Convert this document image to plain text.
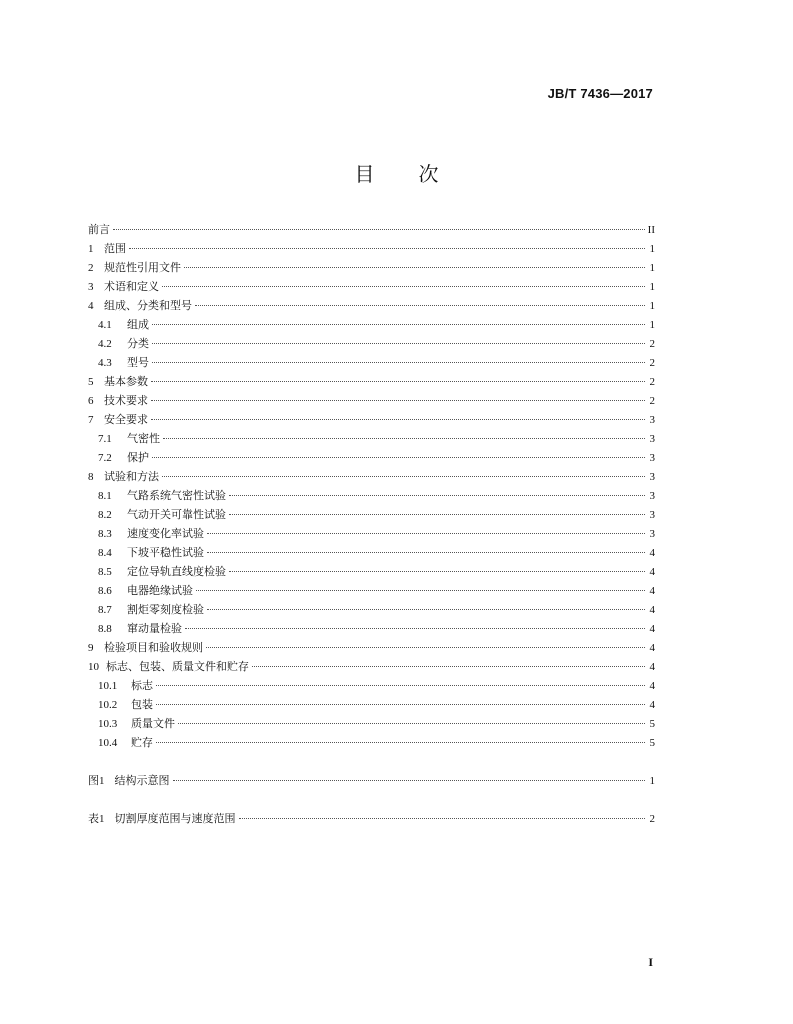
JB/T 7436—2017
目 次
前言	II
1 范围	1
2 规范性引用文件	1
3 术语和定义	1
4 组成、分类和型号	1
4.1	组成	1
4.2	分类	2
4.3	型号	2
5 基本参数	2
6 技术要求	2
7 安全要求	3
7.1	气密性	3
7.2	保护	3
8 试验和方法	3
8.1	气路系统气密性试验	3
8.2	气动开关可靠性试验	3
8.3	速度变化率试验	3
8.4	下坡平稳性试验	4
8.5	定位导轨直线度检验	4
8.6	电器绝缘试验	4
8.7	割炬零刻度检验	4
8.8	窜动量检验	4
9 检验项目和验收规则	4
10 标志、包装、质量文件和贮存	4
10.1	标志	4
10.2	包装	4
10.3	质量文件	5
10.4	贮存	5
图1 结构示意图	1
表1 切割厚度范围与速度范围	2
I
